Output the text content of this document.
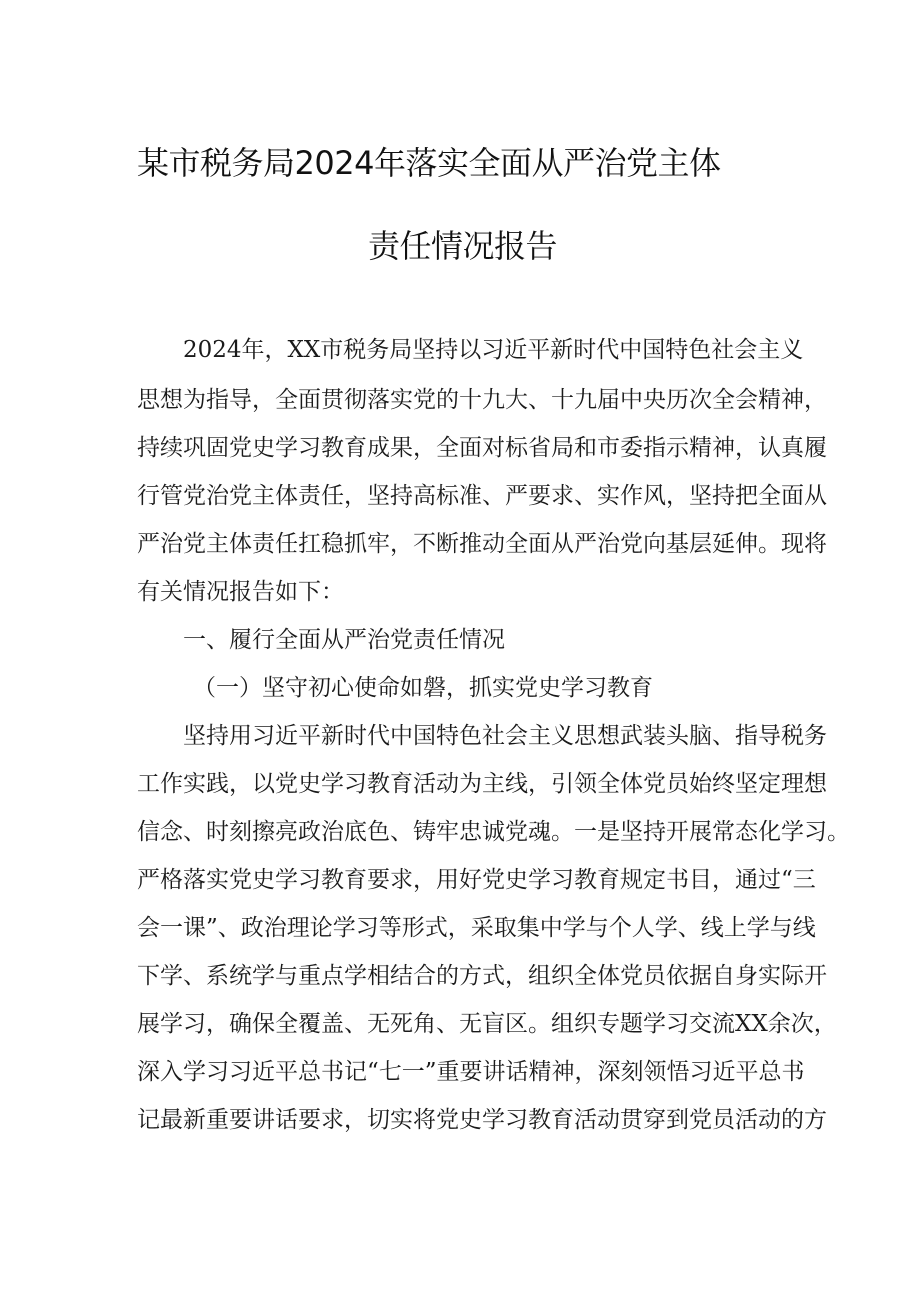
某市税务局2024年落实全面从严治党主体
责任情况报告
2024年，XX市税务局坚持以习近平新时代中国特色社会主义
思想为指导，全面贯彻落实党的十九大、十九届中央历次全会精神，
持续巩固党史学习教育成果，全面对标省局和市委指示精神，认真履
行管党治党主体责任，坚持高标准、严要求、实作风，坚持把全面从
严治党主体责任扛稳抓牢，不断推动全面从严治党向基层延伸。现将
有关情况报告如下：
一、履行全面从严治党责任情况
（一）坚守初心使命如磐，抓实党史学习教育
坚持用习近平新时代中国特色社会主义思想武装头脑、指导税务
工作实践，以党史学习教育活动为主线，引领全体党员始终坚定理想
信念、时刻擦亮政治底色、铸牢忠诚党魂。一是坚持开展常态化学习。
严格落实党史学习教育要求，用好党史学习教育规定书目，通过“三
会一课”、政治理论学习等形式，采取集中学与个人学、线上学与线
下学、系统学与重点学相结合的方式，组织全体党员依据自身实际开
展学习，确保全覆盖、无死角、无盲区。组织专题学习交流XX余次，
深入学习习近平总书记“七一”重要讲话精神，深刻领悟习近平总书
记最新重要讲话要求，切实将党史学习教育活动贯穿到党员活动的方
